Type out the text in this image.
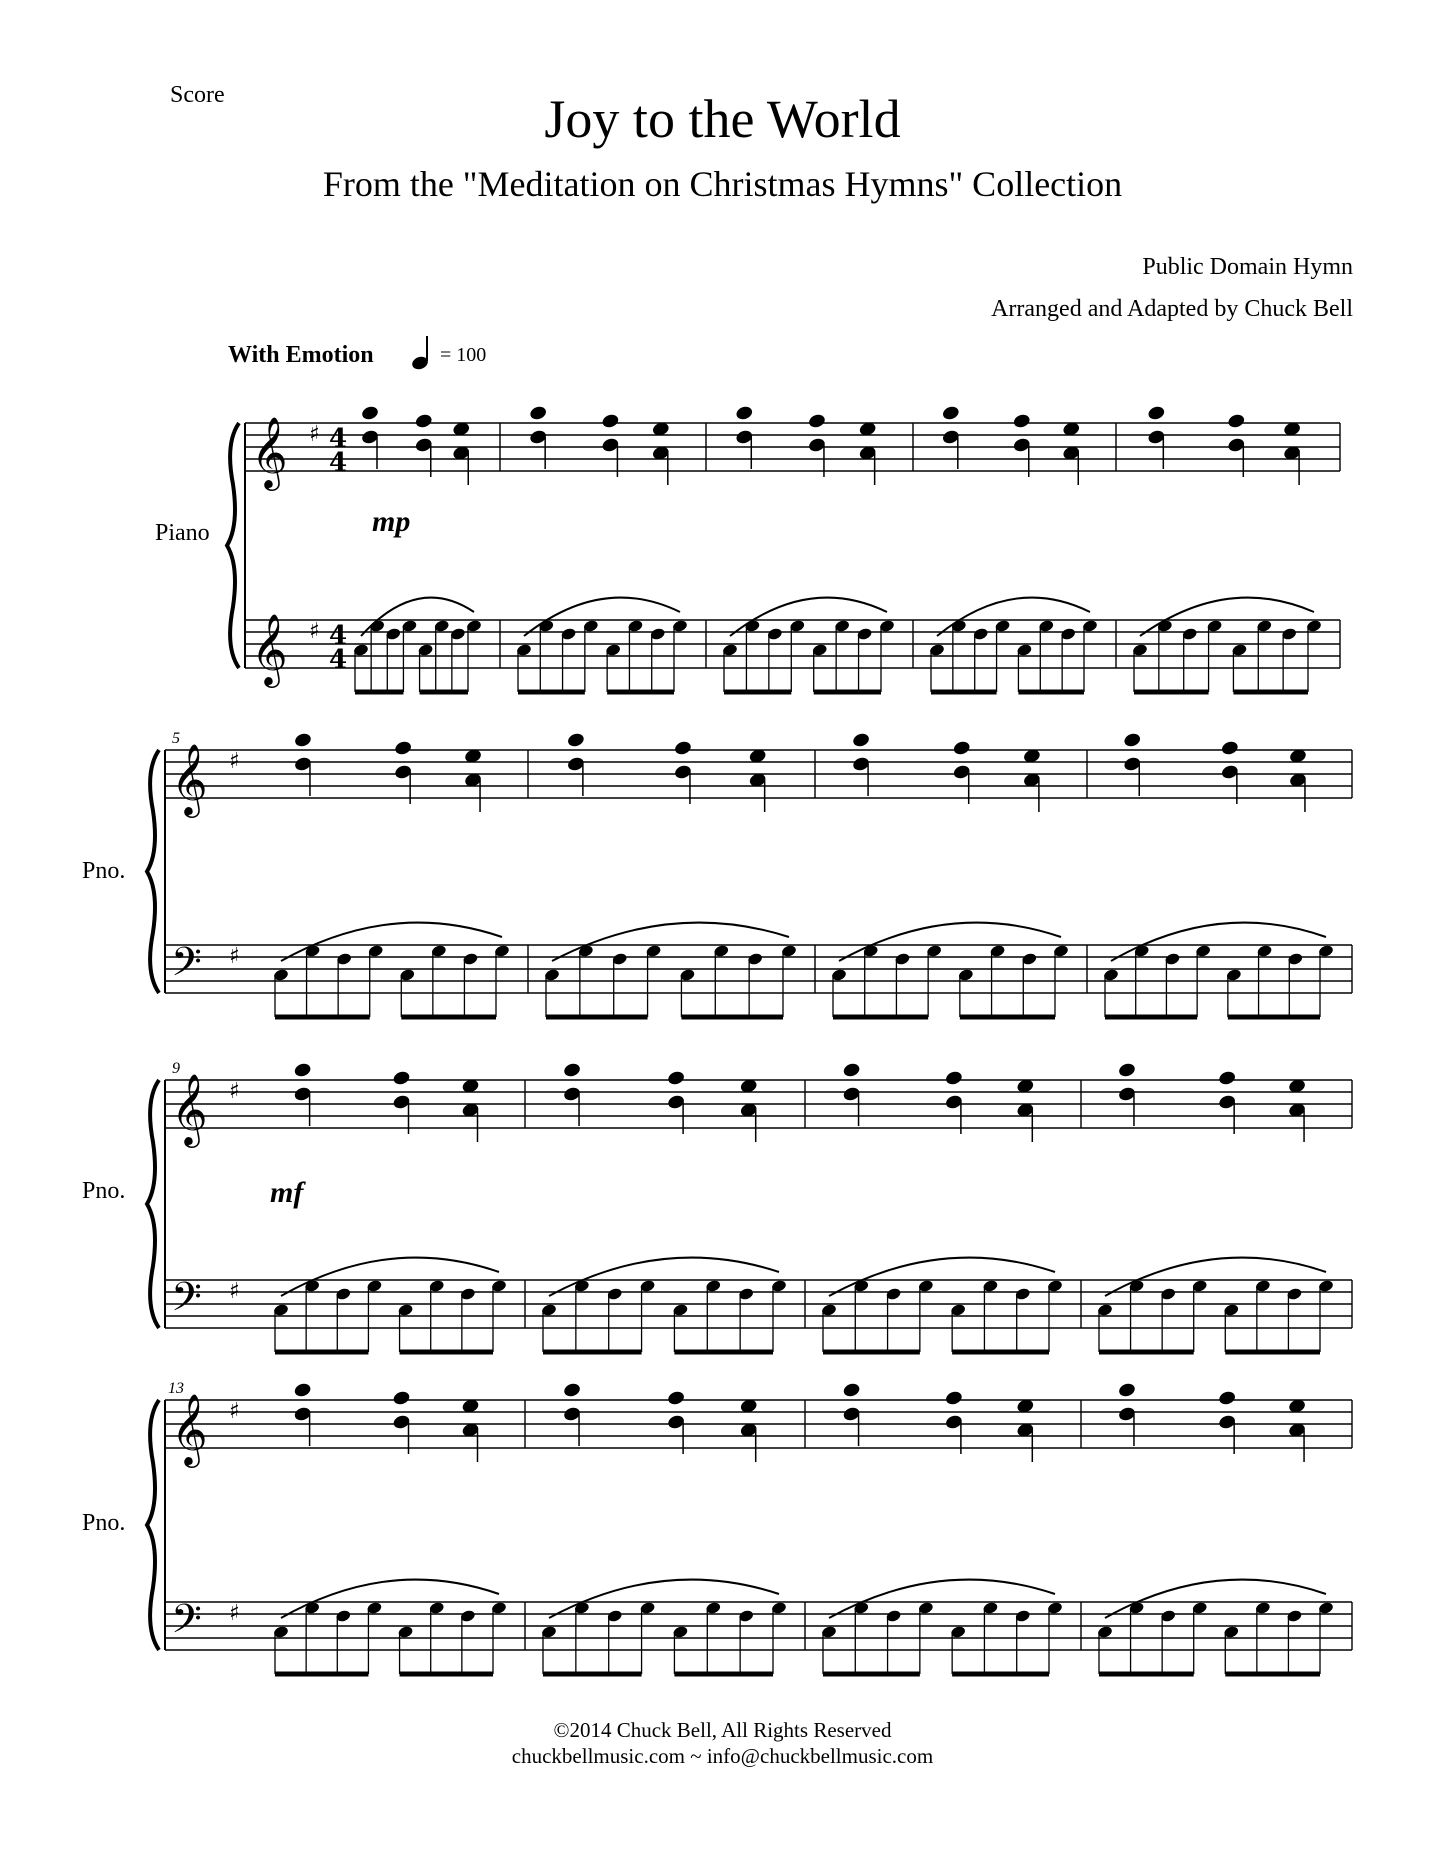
Score	Joy to the World
From the "Meditation on Christmas Hymns" Collection
Public Domain Hymn
Arranged and Adapted by Chuck Bell
With Emotion	= 100
Piano
Pno.
Pno.
Pno.
5
9
13
mp
mf
𝄞 ♯ 4
4
𝄞 ♯ 4
4
𝄞 ♯
𝄢 ♯
𝄞 ♯
𝄢 ♯
𝄞 ♯
𝄢 ♯
©2014 Chuck Bell, All Rights Reserved
chuckbellmusic.com ~ info@chuckbellmusic.com
